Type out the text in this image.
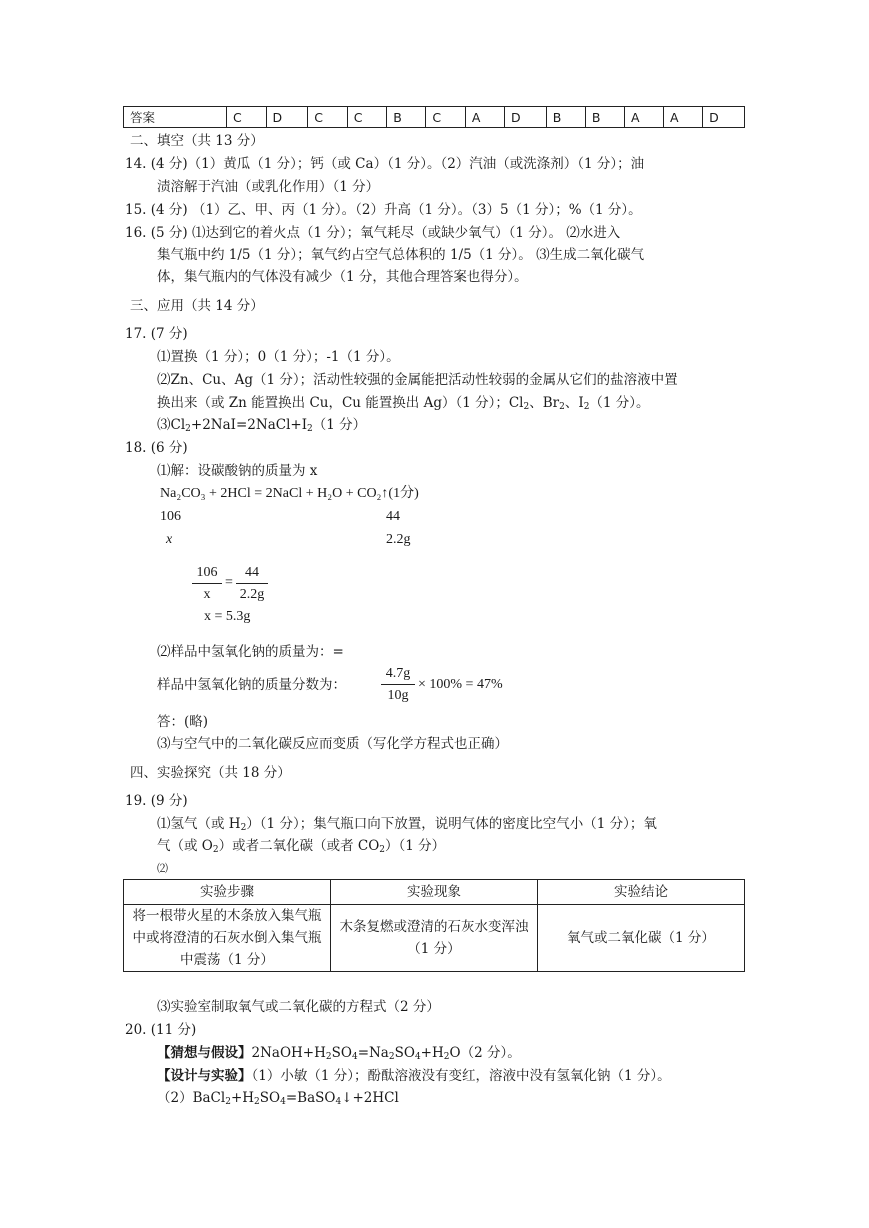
答案	C	D	C	C	B	C	A	D	B	B	A	A	D
二、填空（共 13 分）
14. (4 分)（1）黄瓜（1 分）；钙（或 Ca）（1 分）。（2）汽油（或洗涤剂）（1 分）；油
渍溶解于汽油（或乳化作用）（1 分）
15. (4 分) （1）乙、甲、丙（1 分）。（2）升高（1 分）。（3）5（1 分）；%（1 分）。
16. (5 分) ⑴达到它的着火点（1 分）；氧气耗尽（或缺少氧气）（1 分）。 ⑵水进入
集气瓶中约 1/5（1 分）；氧气约占空气总体积的 1/5（1 分）。 ⑶生成二氧化碳气
体，集气瓶内的气体没有减少（1 分，其他合理答案也得分）。
三、应用（共 14 分）
17. (7 分)
⑴置换（1 分）；0（1 分）；-1（1 分）。
⑵Zn、Cu、Ag（1 分）；活动性较强的金属能把活动性较弱的金属从它们的盐溶液中置
换出来（或 Zn 能置换出 Cu，Cu 能置换出 Ag）（1 分）；$Cl_2$、$Br_2$、$I_2(1$ 分）。
$⑶Cl_2+2NaI=2NaCl+I_2(1$ 分）
18. (6 分)
⑴解：设碳酸钠的质量为 x
Na₂CO₃ + 2HCl = 2NaCl + H₂O + CO₂↑(1分)
106	44
x	2.2g
$\frac{106}{x} = \frac{44}{2.2g}$
x = 5.3g
⑵样品中氢氧化钠的质量为：=
样品中氢氧化钠的质量分数为：	$\frac{4.7g}{10g} \times 100\% = 47\%$
答：(略)
⑶与空气中的二氧化碳反应而变质（写化学方程式也正确）
四、实验探究（共 18 分）
19. (9 分)
⑴氢气（或 $H_2)(1$ 分）；集气瓶口向下放置，说明气体的密度比空气小（1 分）；氧
气（或 $O_2$）或者二氧化碳（或者 $CO_2)(1$ 分）
⑵
实验步骤	实验现象	实验结论
将一根带火星的木条放入集气瓶中或将澄清的石灰水倒入集气瓶中震荡（1 分）	木条复燃或澄清的石灰水变浑浊（1 分）	氧气或二氧化碳（1 分）
⑶实验室制取氧气或二氧化碳的方程式（2 分）
20. (11 分)
【猜想与假设】$2NaOH+H_2SO_4=Na_2SO_4+H_2O(2$ 分）。
【设计与实验】（1）小敏（1 分）；酚酞溶液没有变红，溶液中没有氢氧化钠（1 分）。
$(2)BaCl_2+H_2SO_4=BaSO_4↓+2HCl$
